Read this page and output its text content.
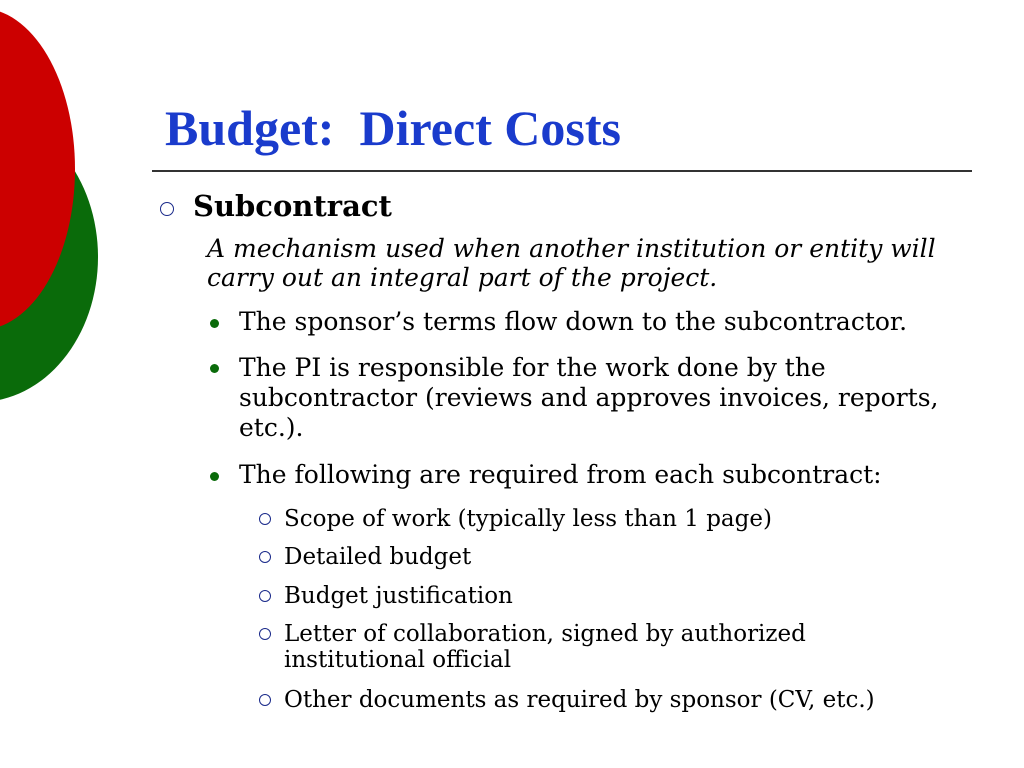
Budget:  Direct Costs
Subcontract
A mechanism used when another institution or entity will carry out an integral part of the project.
The sponsor’s terms flow down to the subcontractor.
The PI is responsible for the work done by the subcontractor (reviews and approves invoices, reports, etc.).
The following are required from each subcontract:
Scope of work (typically less than 1 page)
Detailed budget
Budget justification
Letter of collaboration, signed by authorized institutional official
Other documents as required by sponsor (CV, etc.)
